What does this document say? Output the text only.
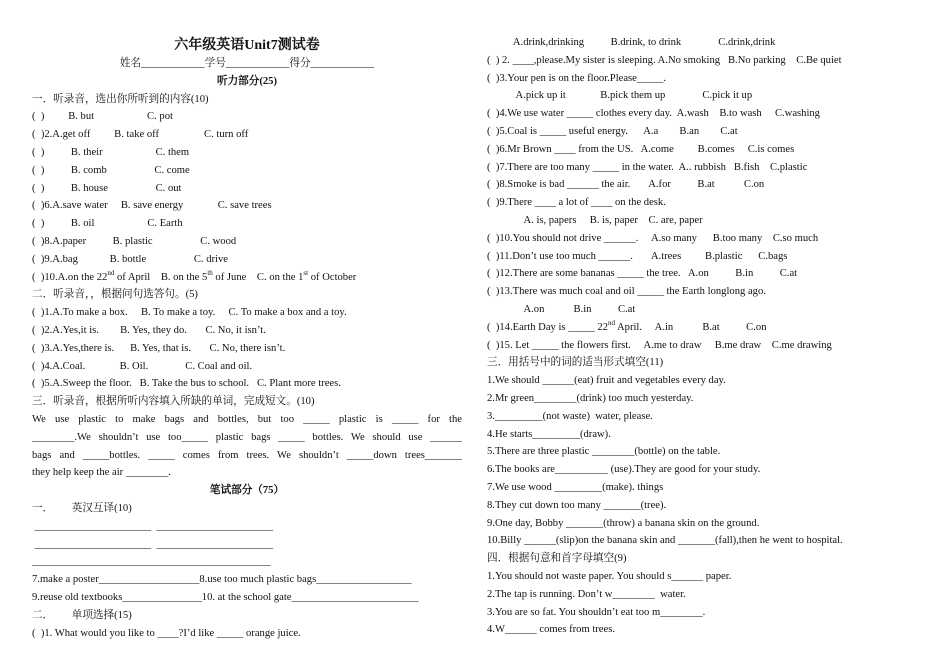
六年级英语Unit7测试卷
姓名____________学号____________得分____________
听力部分(25)
一．听录音，选出你所听到的内容(10)
(  )         B. but                    C. pot
(  )2.A.get off         B. take off                 C. turn off
(  )          B. their                    C. them
(  )          B. comb                  C. come
(  )          B. house                  C. out
(  )6.A.save water     B. save energy             C. save trees
(  )          B. oil                    C. Earth
(  )8.A.paper          B. plastic                  C. wood
(  )9.A.bag            B. bottle                  C. drive
(  )10.A.on the 22nd of April    B. on the 5th of June    C. on the 1st of October
二．听录音，，根据问句选答句。(5)
(  )1.A.To make a box.     B. To make a toy.     C. To make a box and a toy.
(  )2.A.Yes,it is.        B. Yes, they do.       C. No, it isn’t.
(  )3.A.Yes,there is.      B. Yes, that is.       C. No, there isn’t.
(  )4.A.Coal.             B. Oil.              C. Coal and oil.
(  )5.A.Sweep the floor.   B. Take the bus to school.   C. Plant more trees.
三．听录音，根据所听内容填入所缺的单词，完成短文。(10)
We use plastic to make bags and bottles, but too _____ plastic is _____ for the
________.We shouldn’t use too_____ plastic bags _____ bottles. We should use ______
bags and _____bottles. _____ comes from trees. We shouldn’t _____down trees_______
they help keep the air ________.
笔试部分（75）
一．       英汉互译(10)
______________________  ______________________
______________________  ______________________
_____________________________________________
7.make a poster___________________8.use too much plastic bags__________________
9.reuse old textbooks_______________10. at the school gate________________________
二．       单项选择(15)
(  )1. What would you like to ____?I’d like _____ orange juice.
A.drink,drinking          B.drink, to drink              C.drink,drink
(  ) 2. ____,please.My sister is sleeping. A.No smoking   B.No parking    C.Be quiet
(  )3.Your pen is on the floor.Please_____.
A.pick up it             B.pick them up              C.pick it up
(  )4.We use water _____ clothes every day.  A.wash    B.to wash     C.washing
(  )5.Coal is _____ useful energy.      A.a        B.an        C.at
(  )6.Mr Brown ____ from the US.   A.come         B.comes     C.is comes
(  )7.There are too many _____ in the water.  A.. rubbish   B.fish    C.plastic
(  )8.Smoke is bad ______ the air.       A.for          B.at           C.on
(  )9.There ____ a lot of ____ on the desk.
A. is, papers     B. is, paper    C. are, paper
(  )10.You should not drive ______.     A.so many      B.too many    C.so much
(  )11.Don’t use too much ______.       A.trees         B.plastic      C.bags
(  )12.There are some bananas _____ the tree.   A.on          B.in          C.at
(  )13.There was much coal and oil _____ the Earth longlong ago.
A.on           B.in          C.at
(  )14.Earth Day is _____ 22nd April.     A.in           B.at          C.on
(  )15. Let _____ the flowers first.     A.me to draw     B.me draw    C.me drawing
三．用括号中的词的适当形式填空(11)
1.We should ______(eat) fruit and vegetables every day.
2.Mr green________(drink) too much yesterday.
3._________(not waste)  water, please.
4.He starts_________(draw).
5.There are three plastic ________(bottle) on the table.
6.The books are__________ (use).They are good for your study.
7.We use wood _________(make). things
8.They cut down too many _______(tree).
9.One day, Bobby _______(throw) a banana skin on the ground.
10.Billy ______(slip)on the banana skin and _______(fall),then he went to hospital.
四．根据句意和首字母填空(9)
1.You should not waste paper. You should s______ paper.
2.The tap is running. Don’t w________  water.
3.You are so fat. You shouldn’t eat too m________.
4.W______ comes from trees.
